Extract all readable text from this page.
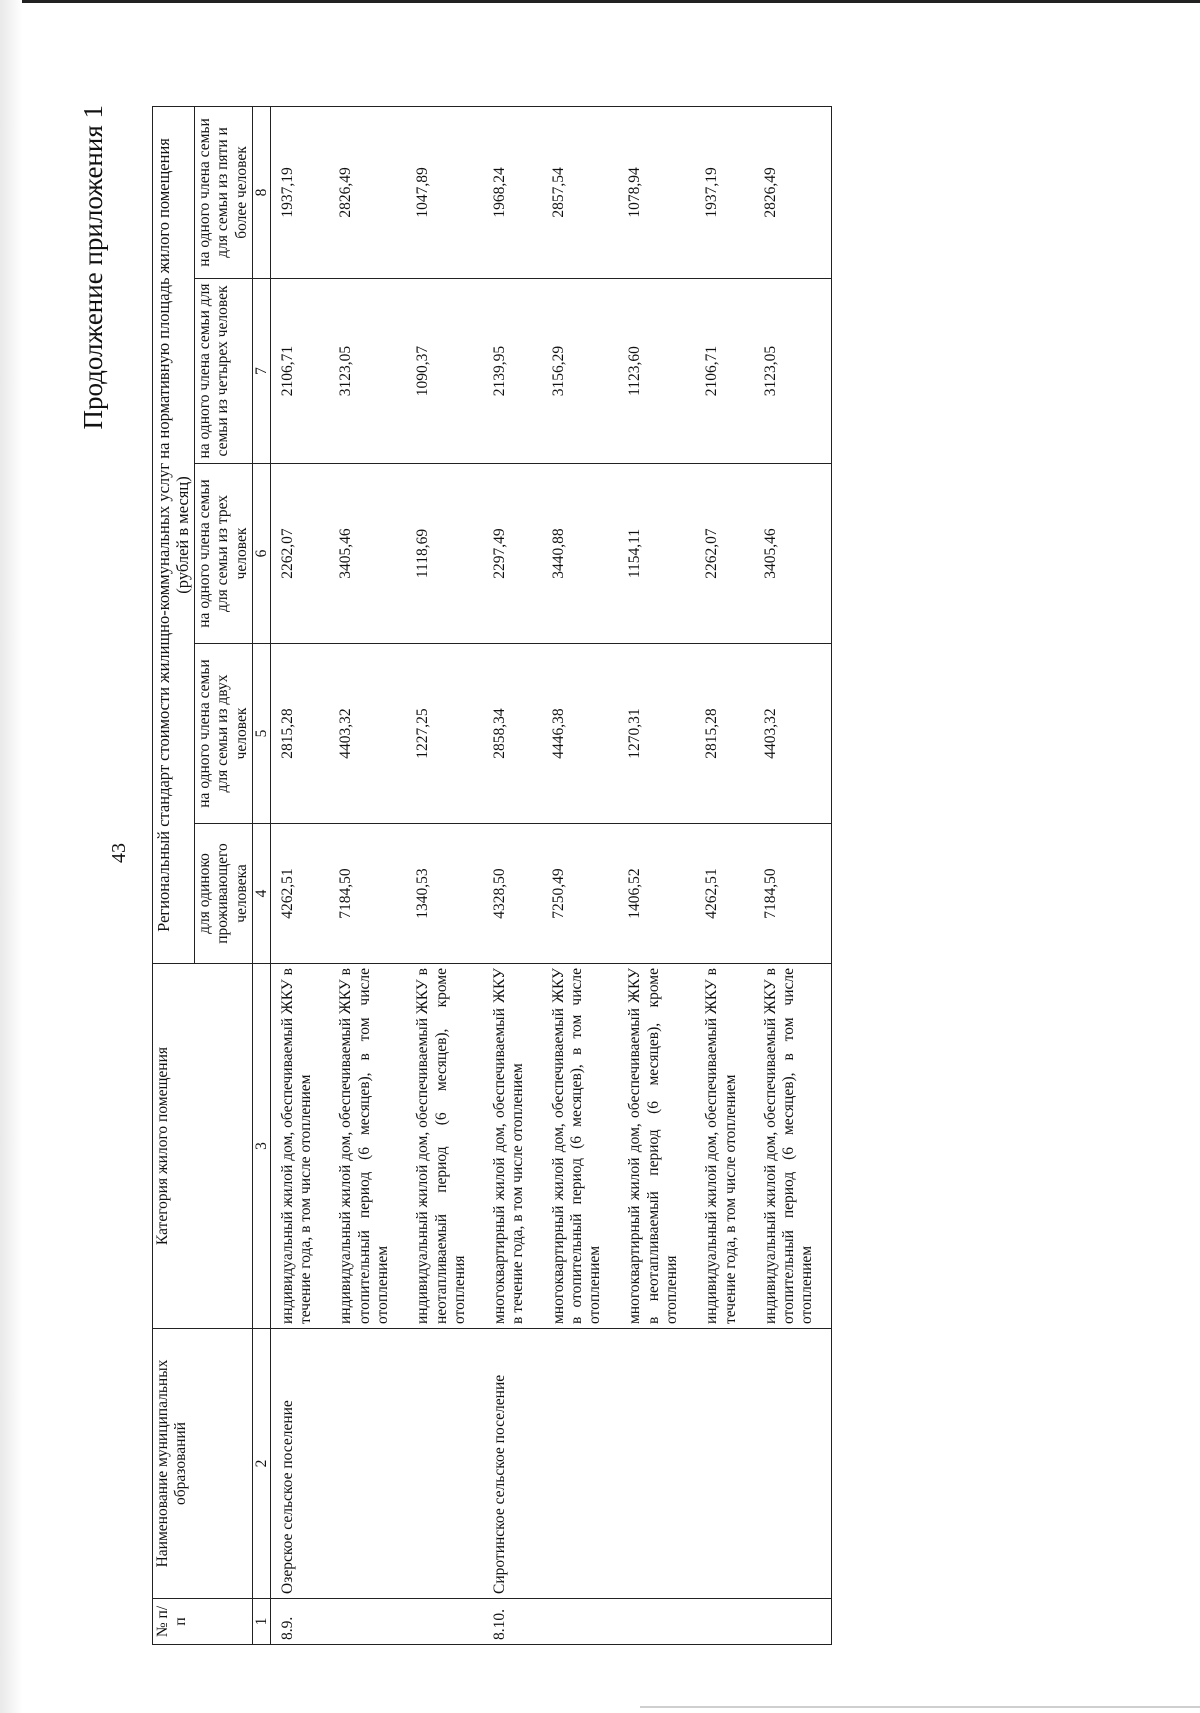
43
Продолжение приложения 1
№ п/п	Наименование муниципальных образований	Категория жилого помещения	Региональный стандарт стоимости жилищно-коммунальных услуг на нормативную площадь жилого помещения (рублей в месяц)				
			для одиноко проживающего человека	на одного члена семьи для семьи из двух человек	на одного члена семьи для семьи из трех человек	на одного члена семьи для семьи из четырех человек	на одного члена семьи для семьи из пяти и более человек
1	2	3	4	5	6	7	8
8.9.	Озерское сельское поселение	индивидуальный жилой дом, обеспечиваемый ЖКУ в течение года, в том числе отоплением	4262,51	2815,28	2262,07	2106,71	1937,19
		индивидуальный жилой дом, обеспечиваемый ЖКУ в отопительный период (6 месяцев), в том числе отоплением	7184,50	4403,32	3405,46	3123,05	2826,49
		индивидуальный жилой дом, обеспечиваемый ЖКУ в неотапливаемый период (6 месяцев), кроме отопления	1340,53	1227,25	1118,69	1090,37	1047,89
8.10.	Сиротинское сельское поселение	многоквартирный жилой дом, обеспечиваемый ЖКУ в течение года, в том числе отоплением	4328,50	2858,34	2297,49	2139,95	1968,24
		многоквартирный жилой дом, обеспечиваемый ЖКУ в отопительный период (6 месяцев), в том числе отоплением	7250,49	4446,38	3440,88	3156,29	2857,54
		многоквартирный жилой дом, обеспечиваемый ЖКУ в неотапливаемый период (6 месяцев), кроме отопления	1406,52	1270,31	1154,11	1123,60	1078,94
		индивидуальный жилой дом, обеспечиваемый ЖКУ в течение года, в том числе отоплением	4262,51	2815,28	2262,07	2106,71	1937,19
		индивидуальный жилой дом, обеспечиваемый ЖКУ в отопительный период (6 месяцев), в том числе отоплением	7184,50	4403,32	3405,46	3123,05	2826,49
